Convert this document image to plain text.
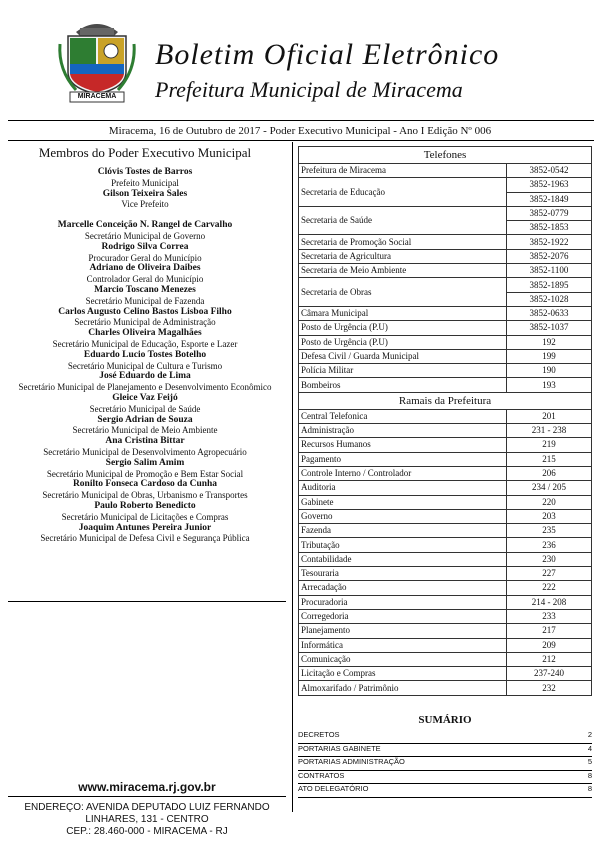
MIRACEMA
Boletim Oficial Eletrônico
Prefeitura Municipal de Miracema
Miracema, 16 de Outubro de 2017 - Poder Executivo Municipal - Ano I Edição Nº 006
Membros do Poder Executivo Municipal
Clóvis Tostes de Barros
Prefeito Municipal
Gilson Teixeira Sales
Vice Prefeito
Marcelle Conceição N. Rangel de Carvalho
Secretário Municipal de Governo
Rodrigo Silva Correa
Procurador Geral do Município
Adriano de Oliveira Daibes
Controlador Geral do Município
Marcio Toscano Menezes
Secretário Municipal de Fazenda
Carlos Augusto Celino Bastos Lisboa Filho
Secretário Municipal de Administração
Charles Oliveira Magalhães
Secretário Municipal de Educação, Esporte e Lazer
Eduardo Lucio Tostes Botelho
Secretário Municipal de Cultura e Turismo
José Eduardo de Lima
Secretário Municipal de Planejamento e Desenvolvimento Econômico
Gleice Vaz Feijó
Secretário Municipal de Saúde
Sergio Adrian de Souza
Secretário Municipal de Meio Ambiente
Ana Cristina Bittar
Secretário Municipal de Desenvolvimento Agropecuário
Sergio Salim Amim
Secretário Municipal de Promoção e Bem Estar Social
Ronilto Fonseca Cardoso da Cunha
Secretário Municipal de Obras, Urbanismo e Transportes
Paulo Roberto Benedicto
Secretário Municipal de Licitações e Compras
Joaquim Antunes Pereira Junior
Secretário Municipal de Defesa Civil e Segurança Pública
www.miracema.rj.gov.br
ENDEREÇO: AVENIDA DEPUTADO LUIZ FERNANDO
LINHARES, 131 - CENTRO
CEP.: 28.460-000 - MIRACEMA - RJ
Telefones	
Prefeitura de Miracema	3852-0542
Secretaria de Educação	3852-1963
	3852-1849
Secretaria de Saúde	3852-0779
	3852-1853
Secretaria de Promoção Social	3852-1922
Secretaria de Agricultura	3852-2076
Secretaria de Meio Ambiente	3852-1100
Secretaria de Obras	3852-1895
	3852-1028
Câmara Municipal	3852-0633
Posto de Urgência (P.U)	3852-1037
Posto de Urgência (P.U)	192
Defesa Civil / Guarda Municipal	199
Polícia Militar	190
Bombeiros	193
Ramais da Prefeitura	
Central Telefonica	201
Administração	231 - 238
Recursos Humanos	219
Pagamento	215
Controle Interno / Controlador	206
Auditoria	234 / 205
Gabinete	220
Governo	203
Fazenda	235
Tributação	236
Contabilidade	230
Tesouraria	227
Arrecadação	222
Procuradoria	214 - 208
Corregedoria	233
Planejamento	217
Informática	209
Comunicação	212
Licitação e Compras	237-240
Almoxarifado / Patrimônio	232
SUMÁRIO
DECRETOS	2
PORTARIAS GABINETE	4
PORTARIAS ADMINISTRAÇÃO	5
CONTRATOS	8
ATO DELEGATÓRIO	8
